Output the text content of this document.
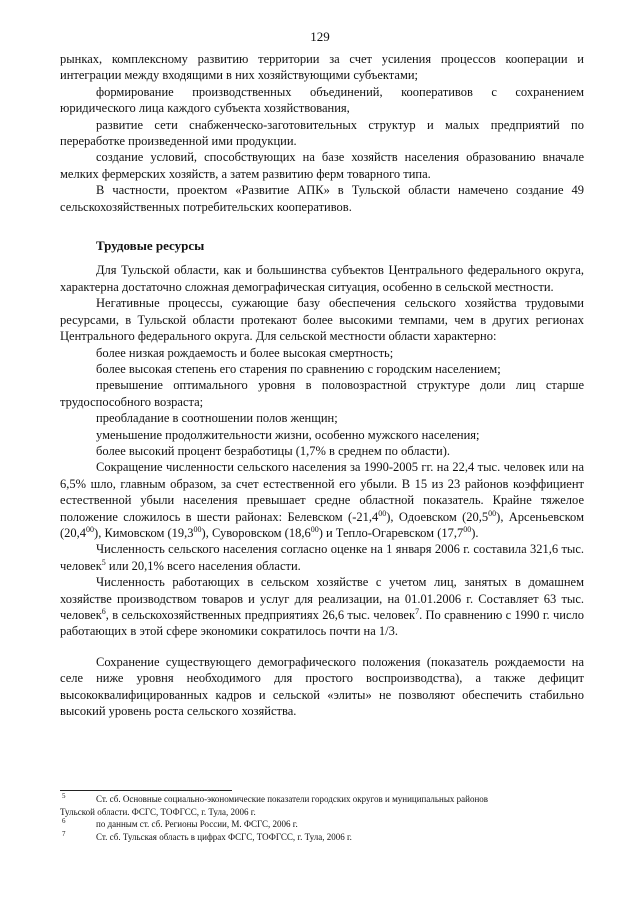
129

рынках, комплексному развитию территории за счет усиления процессов кооперации и интеграции между входящими в них хозяйствующими субъектами;

формирование производственных объединений, кооперативов с сохранением юридического лица каждого субъекта хозяйствования,

развитие сети снабженческо-заготовительных структур и малых предприятий по переработке произведенной ими продукции.

создание условий, способствующих на базе хозяйств населения образованию вначале мелких фермерских хозяйств, а затем развитию ферм товарного типа.

В частности, проектом «Развитие АПК» в Тульской области намечено создание 49 сельскохозяйственных потребительских кооперативов.

Трудовые ресурсы

Для Тульской области, как и большинства субъектов Центрального федерального округа, характерна достаточно сложная демографическая ситуация, особенно в сельской местности.

Негативные процессы, сужающие базу обеспечения сельского хозяйства трудовыми ресурсами, в Тульской области протекают более высокими темпами, чем в других регионах Центрального федерального округа. Для сельской местности области характерно:

более низкая рождаемость и более высокая смертность;

более высокая степень его старения по сравнению с городским населением;

превышение оптимального уровня в половозрастной структуре доли лиц старше трудоспособного возраста;

преобладание в соотношении полов женщин;

уменьшение продолжительности жизни, особенно мужского населения;

более высокий процент безработицы (1,7% в среднем по области).

Сокращение численности сельского населения за 1990-2005 гг. на 22,4 тыс. человек или на 6,5% шло, главным образом, за счет естественной его убыли. В 15 из 23 районов коэффициент естественной убыли населения превышает средне областной показатель. Крайне тяжелое положение сложилось в шести районах: Белевском (-21,4$^{00}$), Одоевском (20,5$^{00}$), Арсеньевском (20,4$^{00}$), Кимовском (19,3$^{00}$), Суворовском (18,6$^{00}$) и Тепло-Огаревском (17,7$^{00}$).

Численность сельского населения согласно оценке на 1 января 2006 г. составила 321,6 тыс. человек$^5$ или 20,1% всего населения области.

Численность работающих в сельском хозяйстве с учетом лиц, занятых в домашнем хозяйстве производством товаров и услуг для реализации, на 01.01.2006 г. Составляет 63 тыс. человек$^6$, в сельскохозяйственных предприятиях 26,6 тыс. человек$^7$. По сравнению с 1990 г. число работающих в этой сфере экономики сократилось почти на 1/3.

Сохранение существующего демографического положения (показатель рождаемости на селе ниже уровня необходимого для простого воспроизводства), а также дефицит высококвалифицированных кадров и сельской «элиты» не позволяют обеспечить стабильно высокий уровень роста сельского хозяйства.

5	Ст. сб. Основные социально-экономические показатели городских округов и муниципальных районов
Тульской области. ФСГС, ТОФГСС, г. Тула, 2006 г.
6	по данным ст. сб. Регионы России, М. ФСГС, 2006 г.
7	Ст. сб. Тульская область в цифрах ФСГС, ТОФГСС, г. Тула, 2006 г.
